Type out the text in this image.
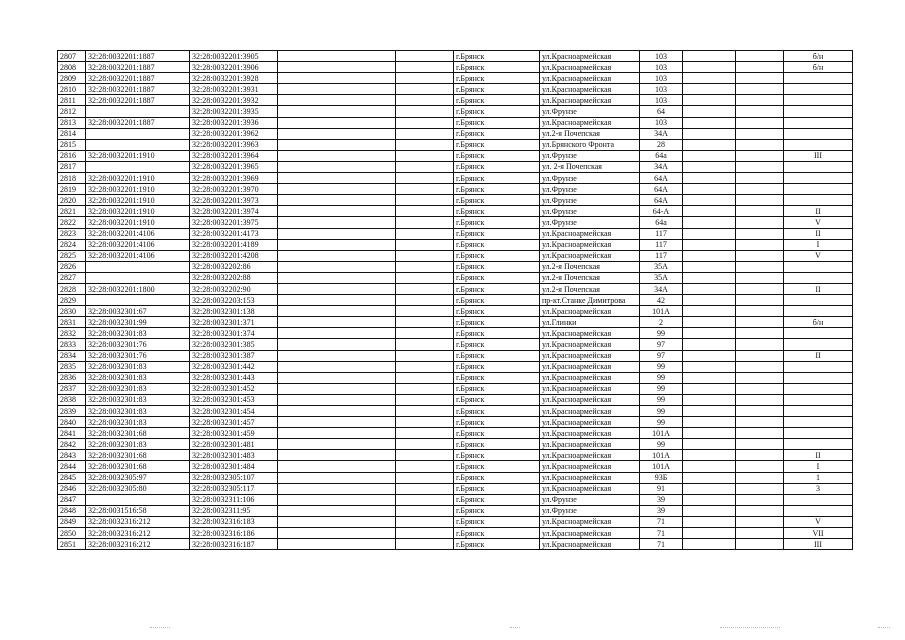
2807	32:28:0032201:1887	32:28:0032201:3905			г.Брянск	ул.Красноармейская	103			б/н
2808	32:28:0032201:1887	32:28:0032201:3906			г.Брянск	ул.Красноармейская	103			б/н
2809	32:28:0032201:1887	32:28:0032201:3928			г.Брянск	ул.Красноармейская	103			
2810	32:28:0032201:1887	32:28:0032201:3931			г.Брянск	ул.Красноармейская	103			
2811	32:28:0032201:1887	32:28:0032201:3932			г.Брянск	ул.Красноармейская	103			
2812		32:28:0032201:3935			г.Брянск	ул.Фрунзе	64			
2813	32:28:0032201:1887	32:28:0032201:3936			г.Брянск	ул.Красноармейская	103			
2814		32:28:0032201:3962			г.Брянск	ул.2-я Почепская	34А			
2815		32:28:0032201:3963			г.Брянск	ул.Брянского Фронта	28			
2816	32:28:0032201:1910	32:28:0032201:3964			г.Брянск	ул.Фрунзе	64а			III
2817		32:28:0032201:3965			г.Брянск	ул. 2-я Почепская	34А			
2818	32:28:0032201:1910	32:28:0032201:3969			г.Брянск	ул.Фрунзе	64А			
2819	32:28:0032201:1910	32:28:0032201:3970			г.Брянск	ул.Фрунзе	64А			
2820	32:28:0032201:1910	32:28:0032201:3973			г.Брянск	ул.Фрунзе	64А			
2821	32:28:0032201:1910	32:28:0032201:3974			г.Брянск	ул.Фрунзе	64-А			II
2822	32:28:0032201:1910	32:28:0032201:3975			г.Брянск	ул.Фрунзе	64а			V
2823	32:28:0032201:4106	32:28:0032201:4173			г.Брянск	ул.Красноармейская	117			II
2824	32:28:0032201:4106	32:28:0032201:4189			г.Брянск	ул.Красноармейская	117			I
2825	32:28:0032201:4106	32:28:0032201:4208			г.Брянск	ул.Красноармейская	117			V
2826		32:28:0032202:86			г.Брянск	ул.2-я Почепская	35А			
2827		32:28:0032202:88			г.Брянск	ул.2-я Почепская	35А			
2828	32:28:0032201:1800	32:28:0032202:90			г.Брянск	ул.2-я Почепская	34А			II
2829		32:28:0032203:153			г.Брянск	пр-кт.Станке Димитрова	42			
2830	32:28:0032301:67	32:28:0032301:138			г.Брянск	ул.Красноармейская	101А			
2831	32:28:0032301:99	32:28:0032301:371			г.Брянск	ул.Глинки	2			б/н
2832	32:28:0032301:83	32:28:0032301:374			г.Брянск	ул.Красноармейская	99			
2833	32:28:0032301:76	32:28:0032301:385			г.Брянск	ул.Красноармейская	97			
2834	32:28:0032301:76	32:28:0032301:387			г.Брянск	ул.Красноармейская	97			II
2835	32:28:0032301:83	32:28:0032301:442			г.Брянск	ул.Красноармейская	99			
2836	32:28:0032301:83	32:28:0032301:443			г.Брянск	ул.Красноармейская	99			
2837	32:28:0032301:83	32:28:0032301:452			г.Брянск	ул.Красноармейская	99			
2838	32:28:0032301:83	32:28:0032301:453			г.Брянск	ул.Красноармейская	99			
2839	32:28:0032301:83	32:28:0032301:454			г.Брянск	ул.Красноармейская	99			
2840	32:28:0032301:83	32:28:0032301:457			г.Брянск	ул.Красноармейская	99			
2841	32:28:0032301:68	32:28:0032301:459			г.Брянск	ул.Красноармейская	101А			
2842	32:28:0032301:83	32:28:0032301:481			г.Брянск	ул.Красноармейская	99			
2843	32:28:0032301:68	32:28:0032301:483			г.Брянск	ул.Красноармейская	101А			II
2844	32:28:0032301:68	32:28:0032301:484			г.Брянск	ул.Красноармейская	101А			I
2845	32:28:0032305:97	32:28:0032305:107			г.Брянск	ул.Красноармейская	93Б			1
2846	32:28:0032305:80	32:28:0032305:117			г.Брянск	ул.Красноармейская	91			3
2847		32:28:0032311:106			г.Брянск	ул.Фрунзе	39			
2848	32:28:0031516:58	32:28:0032311:95			г.Брянск	ул.Фрунзе	39			
2849	32:28:0032316:212	32:28:0032316:183			г.Брянск	ул.Красноармейская	71			V
2850	32:28:0032316:212	32:28:0032316:186			г.Брянск	ул.Красноармейская	71			VII
2851	32:28:0032316:212	32:28:0032316:187			г.Брянск	ул.Красноармейская	71			III
